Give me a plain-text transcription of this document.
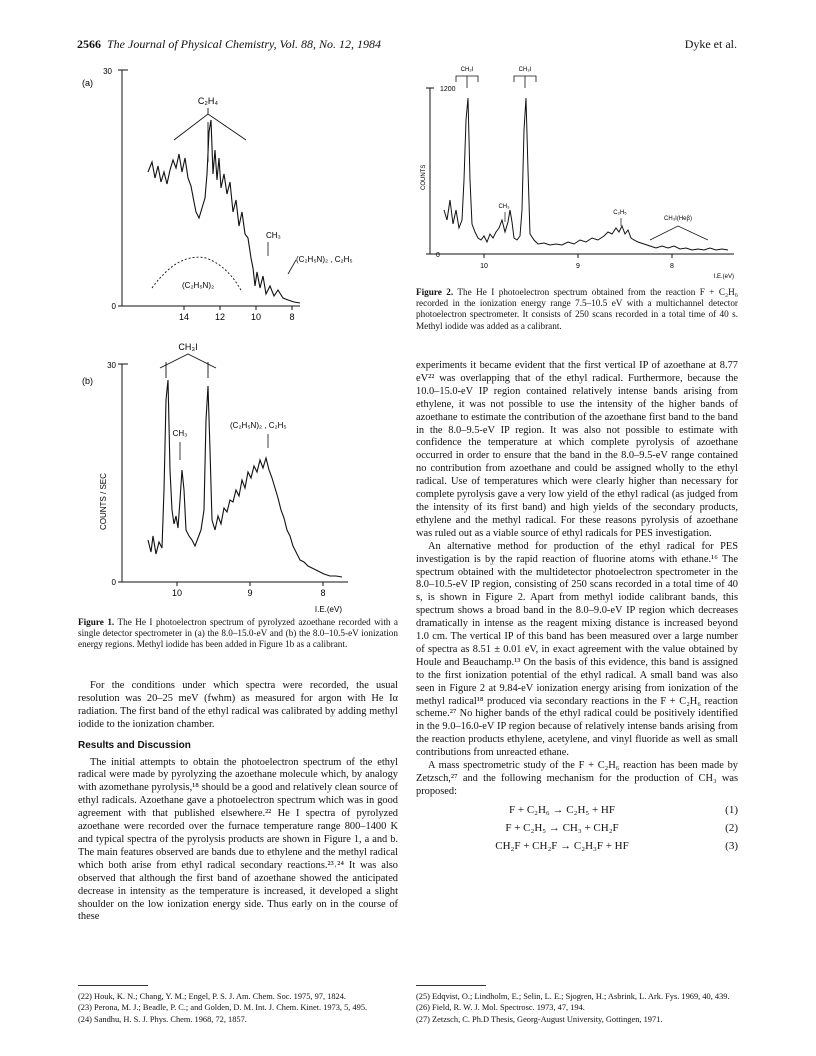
2566 The Journal of Physical Chemistry, Vol. 88, No. 12, 1984	Dyke et al.
(a)
30
0
14	12	10	8
C₂H₄
CH₃
(C₂H₅N)₂ , C₂H₅
(C₂H₅N)₂
(b)
30
0
COUNTS / SEC
10	9	8
I.E.(eV)
CH₃I
CH₃
(C₂H₅N)₂ , C₂H₅
Figure 1. The He I photoelectron spectrum of pyrolyzed azoethane recorded with a single detector spectrometer in (a) the 8.0–15.0-eV and (b) the 8.0–10.5-eV ionization energy regions. Methyl iodide has been added in Figure 1b as a calibrant.
1200
0
COUNTS
10	9	8
I.E.(eV)
CH₃I	CH₃I
CH₃
C₂H₅
CH₃I(Heβ)
Figure 2. The He I photoelectron spectrum obtained from the reaction F + C₂H₆ recorded in the ionization energy range 7.5–10.5 eV with a multichannel detector photoelectron spectrometer. It consists of 250 scans recorded in a total time of 40 s. Methyl iodide was added as a calibrant.

For the conditions under which spectra were recorded, the usual resolution was 20–25 meV (fwhm) as measured for argon with He Iα radiation. The first band of the ethyl radical was calibrated by adding methyl iodide to the ionization chamber.

Results and Discussion

The initial attempts to obtain the photoelectron spectrum of the ethyl radical were made by pyrolyzing the azoethane molecule which, by analogy with azomethane pyrolysis,¹⁸ should be a good and relatively clean source of ethyl radicals. Azoethane gave a photoelectron spectrum which was in good agreement with that published elsewhere.²² He I spectra of pyrolyzed azoethane were recorded over the furnace temperature range 800–1400 K and typical spectra of the pyrolysis products are shown in Figure 1, a and b. The main features observed are bands due to ethylene and the methyl radical which both arise from ethyl radical secondary reactions.²³˒²⁴ It was also observed that although the first band of azoethane showed the anticipated decrease in intensity as the temperature is increased, it developed a slight shoulder on the low ionization energy side. Thus early on in the course of these

experiments it became evident that the first vertical IP of azoethane at 8.77 eV²² was overlapping that of the ethyl radical. Furthermore, because the 10.0–15.0-eV IP region contained relatively intense bands arising from ethylene, it was not possible to use the intensity of the higher bands of azoethane to estimate the contribution of the azoethane first band to the band in the 8.0–9.5-eV IP region. It was also not possible to estimate with confidence the temperature at which complete pyrolysis of azoethane occurred in order to ensure that the band in the 8.0–9.5-eV range contained no contribution from azoethane and could be assigned wholly to the ethyl radical. Use of temperatures which were clearly higher than necessary for complete pyrolysis gave a very low yield of the ethyl radical (as judged from the intensity of its first band) and high yields of the secondary products, ethylene and the methyl radical. For these reasons pyrolysis of azoethane was ruled out as a viable source of ethyl radicals for PES investigation.

An alternative method for production of the ethyl radical for PES investigation is by the rapid reaction of fluorine atoms with ethane.¹⁶ The spectrum obtained with the multidetector photoelectron spectrometer in the 8.0–10.5-eV IP region, consisting of 250 scans recorded in a total time of 40 s, is shown in Figure 2. Apart from methyl iodide calibrant bands, this spectrum shows a broad band in the 8.0–9.0-eV IP region which decreases dramatically in intense as the reagent mixing distance is increased beyond 1.0 cm. The vertical IP of this band has been measured over a large number of spectra as 8.51 ± 0.01 eV, in exact agreement with the value obtained by Houle and Beauchamp.¹³ On the basis of this evidence, this band is assigned to the first ionization potential of the ethyl radical. A small band was also seen in Figure 2 at 9.84-eV ionization energy arising from ionization of the methyl radical¹⁸ produced via secondary reactions in the F + C₂H₆ reaction scheme.²⁷ No higher bands of the ethyl radical could be positively identified in the 9.0–16.0-eV IP region because of relatively intense bands arising from the reaction products ethylene, acetylene, and vinyl fluoride as well as small contributions from unreacted ethane.

A mass spectrometric study of the F + C₂H₆ reaction has been made by Zetzsch,²⁷ and the following mechanism for the production of CH₃ was proposed:

F + C₂H₆ → C₂H₅ + HF	(1)
F + C₂H₅ → CH₃ + CH₂F	(2)
CH₂F + CH₂F → C₂H₃F + HF	(3)
(22) Houk, K. N.; Chang, Y. M.; Engel, P. S. J. Am. Chem. Soc. 1975, 97, 1824.
(23) Perona, M. J.; Beadle, P. C.; and Golden, D. M. Int. J. Chem. Kinet. 1973, 5, 495.
(24) Sandhu, H. S. J. Phys. Chem. 1968, 72, 1857.
(25) Edqvist, O.; Lindholm, E.; Selin, L. E.; Sjogren, H.; Asbrink, L. Ark. Fys. 1969, 40, 439.
(26) Field, R. W. J. Mol. Spectrosc. 1973, 47, 194.
(27) Zetzsch, C. Ph.D Thesis, Georg-August University, Gottingen, 1971.
